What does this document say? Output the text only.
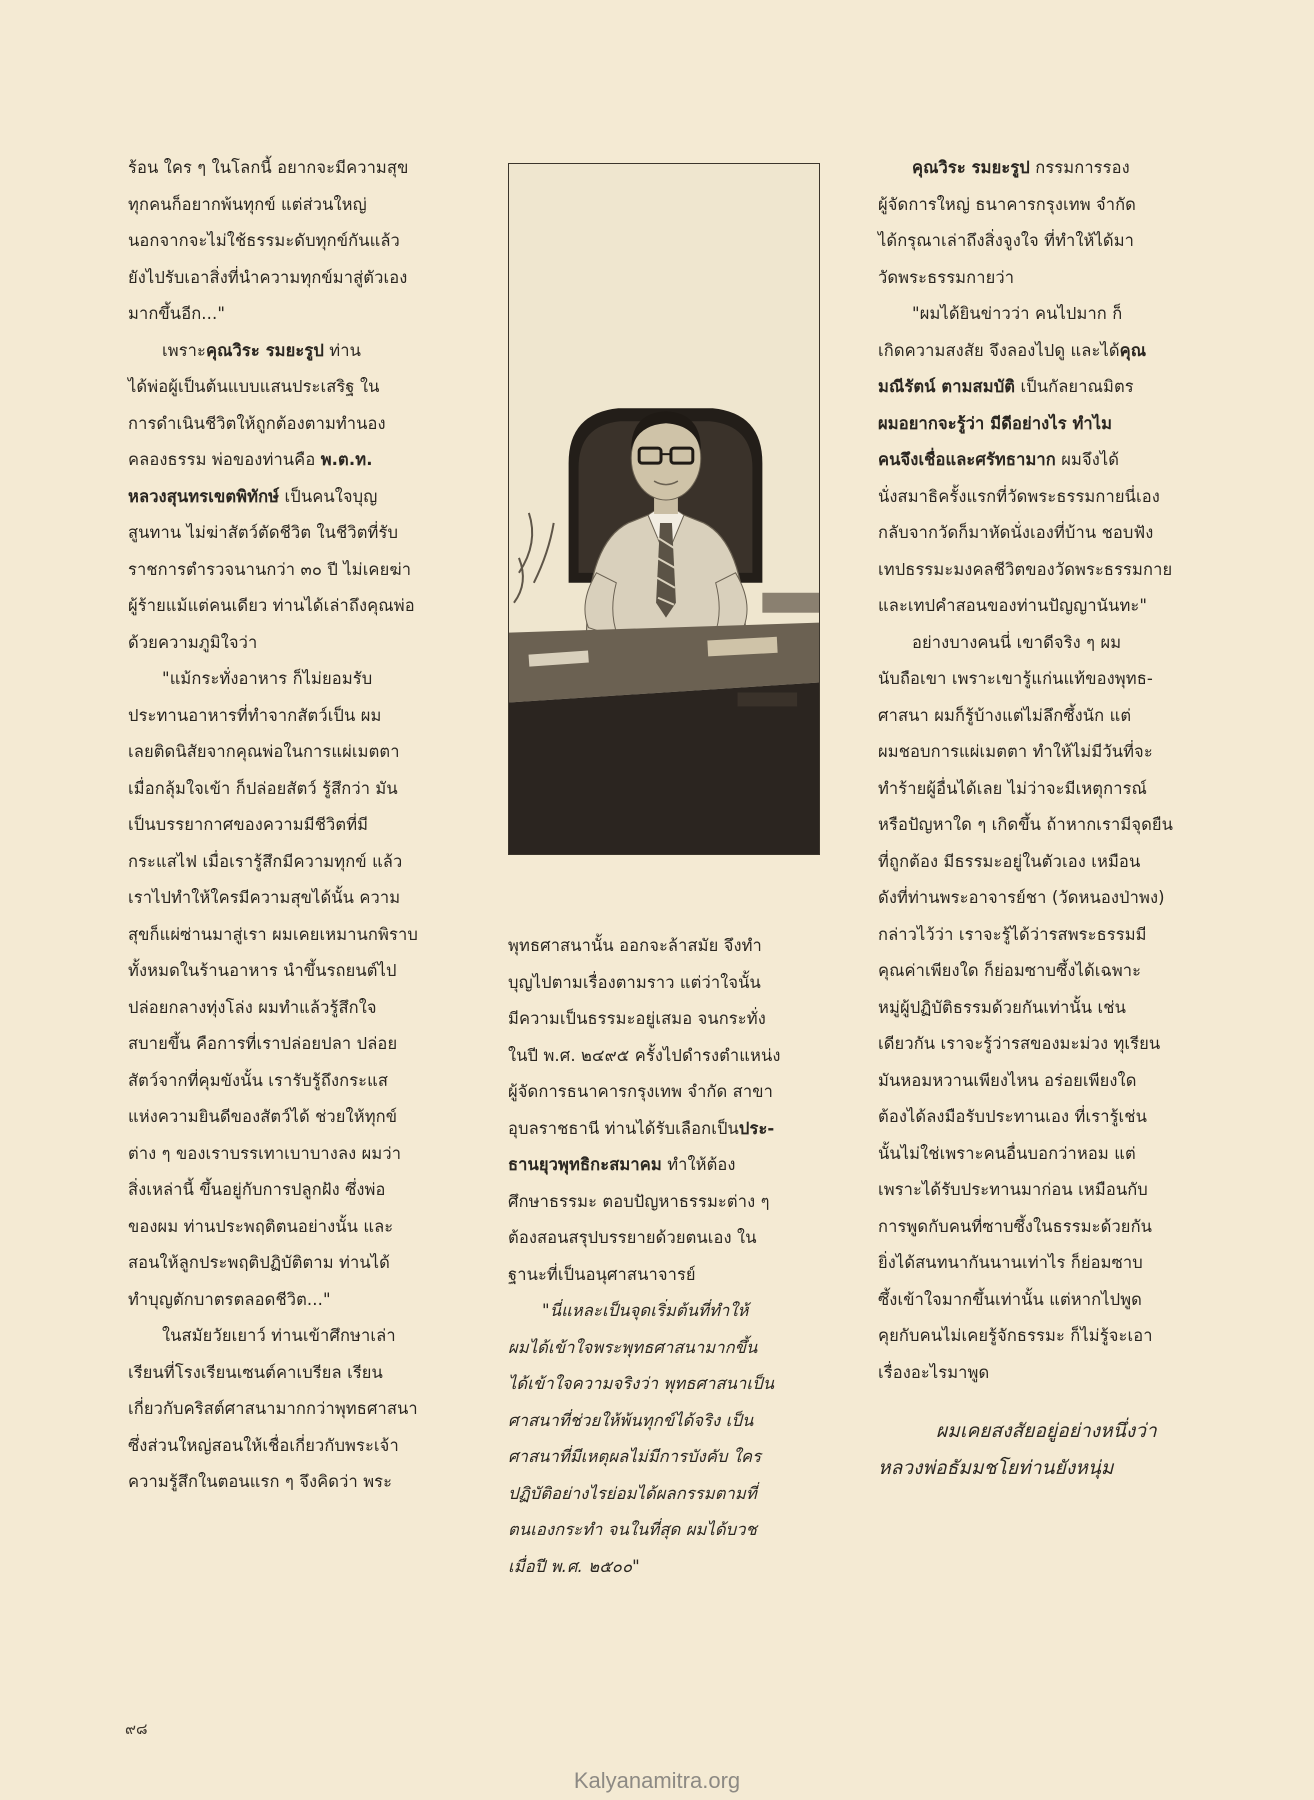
ร้อน ใคร ๆ ในโลกนี้ อยากจะมีความสุข
ทุกคนก็อยากพ้นทุกข์ แต่ส่วนใหญ่
นอกจากจะไม่ใช้ธรรมะดับทุกข์กันแล้ว
ยังไปรับเอาสิ่งที่นำความทุกข์มาสู่ตัวเอง
มากขึ้นอีก..."
เพราะคุณวิระ รมยะรูป ท่าน
ได้พ่อผู้เป็นต้นแบบแสนประเสริฐ ใน
การดำเนินชีวิตให้ถูกต้องตามทำนอง
คลองธรรม พ่อของท่านคือ พ.ต.ท.
หลวงสุนทรเขตพิทักษ์ เป็นคนใจบุญ
สูนทาน ไม่ฆ่าสัตว์ตัดชีวิต ในชีวิตที่รับ
ราชการตำรวจนานกว่า ๓๐ ปี ไม่เคยฆ่า
ผู้ร้ายแม้แต่คนเดียว ท่านได้เล่าถึงคุณพ่อ
ด้วยความภูมิใจว่า
"แม้กระทั่งอาหาร ก็ไม่ยอมรับ
ประทานอาหารที่ทำจากสัตว์เป็น ผม
เลยติดนิสัยจากคุณพ่อในการแผ่เมตตา
เมื่อกลุ้มใจเข้า ก็ปล่อยสัตว์ รู้สึกว่า มัน
เป็นบรรยากาศของความมีชีวิตที่มี
กระแสไฟ เมื่อเรารู้สึกมีความทุกข์ แล้ว
เราไปทำให้ใครมีความสุขได้นั้น ความ
สุขก็แผ่ซ่านมาสู่เรา ผมเคยเหมานกพิราบ
ทั้งหมดในร้านอาหาร นำขึ้นรถยนต์ไป
ปล่อยกลางทุ่งโล่ง ผมทำแล้วรู้สึกใจ
สบายขึ้น คือการที่เราปล่อยปลา ปล่อย
สัตว์จากที่คุมขังนั้น เรารับรู้ถึงกระแส
แห่งความยินดีของสัตว์ได้ ช่วยให้ทุกข์
ต่าง ๆ ของเราบรรเทาเบาบางลง ผมว่า
สิ่งเหล่านี้ ขึ้นอยู่กับการปลูกฝัง ซึ่งพ่อ
ของผม ท่านประพฤติตนอย่างนั้น และ
สอนให้ลูกประพฤติปฏิบัติตาม ท่านได้
ทำบุญตักบาตรตลอดชีวิต..."
ในสมัยวัยเยาว์ ท่านเข้าศึกษาเล่า
เรียนที่โรงเรียนเซนต์คาเบรียล เรียน
เกี่ยวกับคริสต์ศาสนามากกว่าพุทธศาสนา
ซึ่งส่วนใหญ่สอนให้เชื่อเกี่ยวกับพระเจ้า
ความรู้สึกในตอนแรก ๆ จึงคิดว่า พระ
พุทธศาสนานั้น ออกจะล้าสมัย จึงทำ
บุญไปตามเรื่องตามราว แต่ว่าใจนั้น
มีความเป็นธรรมะอยู่เสมอ จนกระทั่ง
ในปี พ.ศ. ๒๔๙๕ ครั้งไปดำรงตำแหน่ง
ผู้จัดการธนาคารกรุงเทพ จำกัด สาขา
อุบลราชธานี ท่านได้รับเลือกเป็นประ-
ธานยุวพุทธิกะสมาคม ทำให้ต้อง
ศึกษาธรรมะ ตอบปัญหาธรรมะต่าง ๆ
ต้องสอนสรุปบรรยายด้วยตนเอง ใน
ฐานะที่เป็นอนุศาสนาจารย์
"นี่แหละเป็นจุดเริ่มต้นที่ทำให้
ผมได้เข้าใจพระพุทธศาสนามากขึ้น
ได้เข้าใจความจริงว่า พุทธศาสนาเป็น
ศาสนาที่ช่วยให้พ้นทุกข์ได้จริง เป็น
ศาสนาที่มีเหตุผลไม่มีการบังคับ ใคร
ปฏิบัติอย่างไรย่อมได้ผลกรรมตามที่
ตนเองกระทำ จนในที่สุด ผมได้บวช
เมื่อปี พ.ศ. ๒๕๐๐"
คุณวิระ รมยะรูป กรรมการรอง
ผู้จัดการใหญ่ ธนาคารกรุงเทพ จำกัด
ได้กรุณาเล่าถึงสิ่งจูงใจ ที่ทำให้ได้มา
วัดพระธรรมกายว่า
"ผมได้ยินข่าวว่า คนไปมาก ก็
เกิดความสงสัย จึงลองไปดู และได้คุณ
มณีรัตน์ ตามสมบัติ เป็นกัลยาณมิตร
ผมอยากจะรู้ว่า มีดีอย่างไร ทำไม
คนจึงเชื่อและศรัทธามาก ผมจึงได้
นั่งสมาธิครั้งแรกที่วัดพระธรรมกายนี่เอง
กลับจากวัดก็มาหัดนั่งเองที่บ้าน ชอบฟัง
เทปธรรมะมงคลชีวิตของวัดพระธรรมกาย
และเทปคำสอนของท่านปัญญานันทะ"
อย่างบางคนนี่ เขาดีจริง ๆ ผม
นับถือเขา เพราะเขารู้แก่นแท้ของพุทธ-
ศาสนา ผมก็รู้บ้างแต่ไม่ลึกซึ้งนัก แต่
ผมชอบการแผ่เมตตา ทำให้ไม่มีวันที่จะ
ทำร้ายผู้อื่นได้เลย ไม่ว่าจะมีเหตุการณ์
หรือปัญหาใด ๆ เกิดขึ้น ถ้าหากเรามีจุดยืน
ที่ถูกต้อง มีธรรมะอยู่ในตัวเอง เหมือน
ดังที่ท่านพระอาจารย์ชา (วัดหนองป่าพง)
กล่าวไว้ว่า เราจะรู้ได้ว่ารสพระธรรมมี
คุณค่าเพียงใด ก็ย่อมซาบซึ้งได้เฉพาะ
หมู่ผู้ปฏิบัติธรรมด้วยกันเท่านั้น เช่น
เดียวกัน เราจะรู้ว่ารสของมะม่วง ทุเรียน
มันหอมหวานเพียงไหน อร่อยเพียงใด
ต้องได้ลงมือรับประทานเอง ที่เรารู้เช่น
นั้นไม่ใช่เพราะคนอื่นบอกว่าหอม แต่
เพราะได้รับประทานมาก่อน เหมือนกับ
การพูดกับคนที่ซาบซึ้งในธรรมะด้วยกัน
ยิ่งได้สนทนากันนานเท่าไร ก็ย่อมซาบ
ซึ้งเข้าใจมากขึ้นเท่านั้น แต่หากไปพูด
คุยกับคนไม่เคยรู้จักธรรมะ ก็ไม่รู้จะเอา
เรื่องอะไรมาพูด
ผมเคยสงสัยอยู่อย่างหนึ่งว่า
หลวงพ่อธัมมชโยท่านยังหนุ่ม
๙๘
Kalyanamitra.org
